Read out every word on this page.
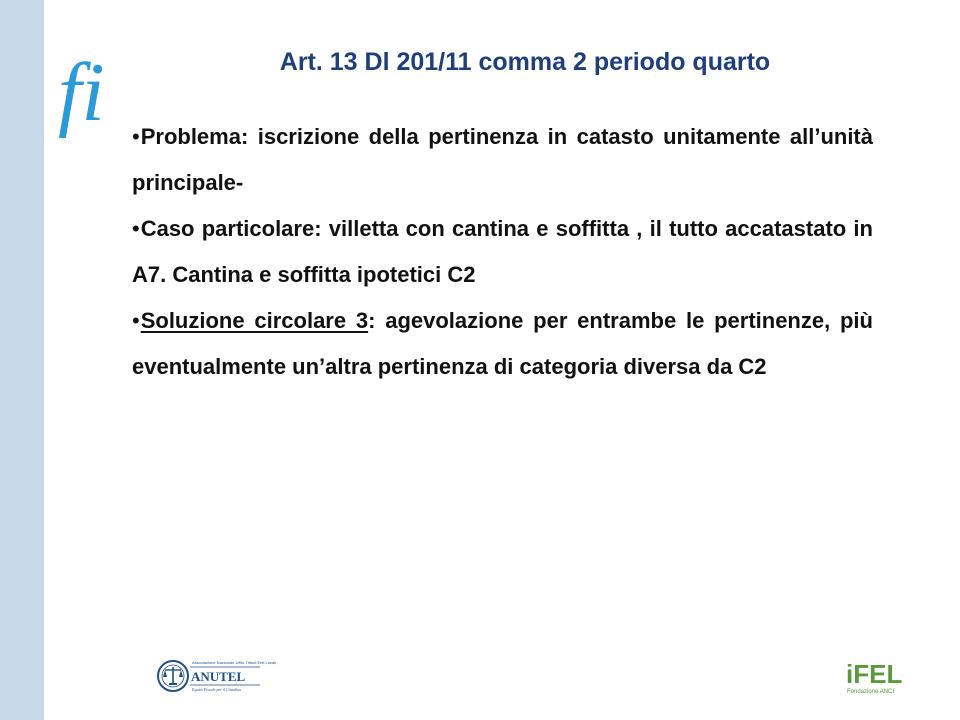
fi	Art. 13 Dl 201/11 comma 2 periodo quarto

•Problema: iscrizione della pertinenza in catasto unitamente all’unità principale-

•Caso particolare: villetta con cantina e soffitta , il tutto accatastato in A7. Cantina e soffitta ipotetici C2

•Soluzione circolare 3: agevolazione per entrambe le pertinenze, più eventualmente un’altra pertinenza di categoria diversa da C2

Associazione Nazionale Uffici Tributi Enti Locali
ANUTEL
Equità Fiscale per il Cittadino
iFEL
Fondazione ANCI
